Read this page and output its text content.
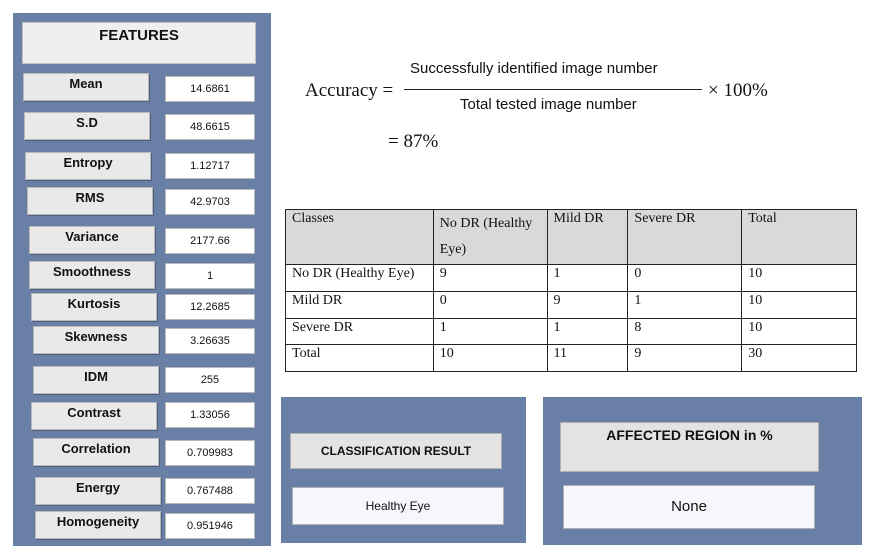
FEATURES
Mean	14.6861
S.D	48.6615
Entropy	1.12717
RMS	42.9703
Variance	2177.66
Smoothness	1
Kurtosis	12.2685
Skewness	3.26635
IDM	255
Contrast	1.33056
Correlation	0.709983
Energy	0.767488
Homogeneity	0.951946
Accuracy =
Successfully identified image number
Total tested image number
× 100%
= 87%
Classes	No DR (Healthy Eye)	Mild DR	Severe DR	Total
No DR (Healthy Eye)	9	1	0	10
Mild DR	0	9	1	10
Severe DR	1	1	8	10
Total	10	11	9	30
CLASSIFICATION RESULT
Healthy Eye
AFFECTED REGION in %
None
